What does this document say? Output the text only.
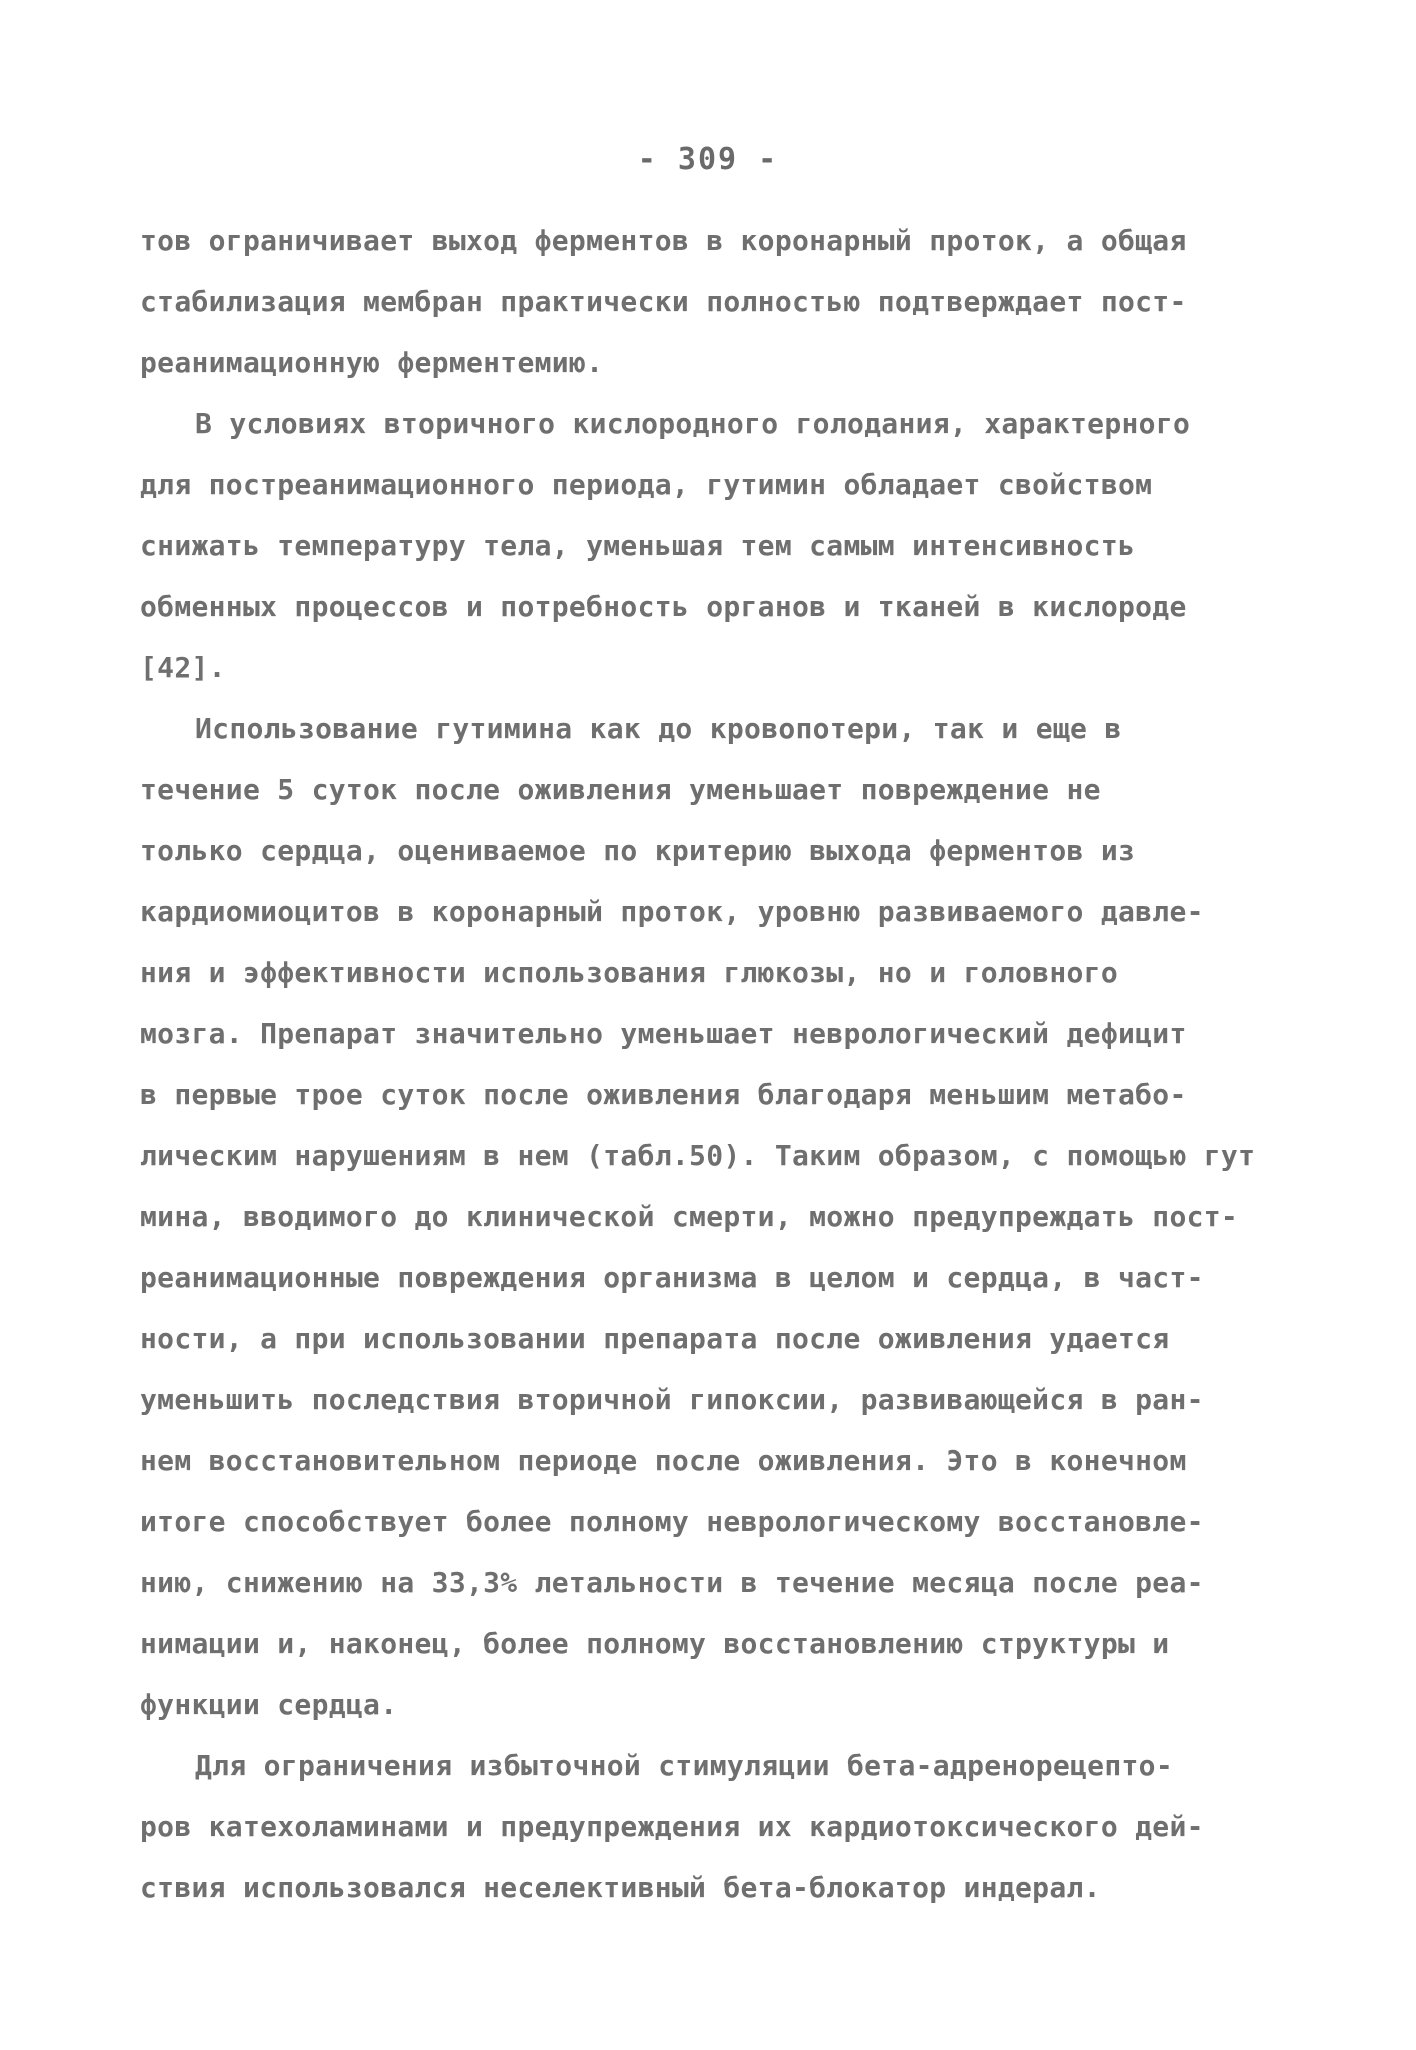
- 309 -
тов ограничивает выход ферментов в коронарный проток, а общая
стабилизация мембран практически полностью подтверждает пост-
реанимационную ферментемию.
В условиях вторичного кислородного голодания, характерного
для постреанимационного периода, гутимин обладает свойством
снижать температуру тела, уменьшая тем самым интенсивность
обменных процессов и потребность органов и тканей в кислороде
[42].
Использование гутимина как до кровопотери, так и еще в
течение 5 суток после оживления уменьшает повреждение не
только сердца, оцениваемое по критерию выхода ферментов из
кардиомиоцитов в коронарный проток, уровню развиваемого давле-
ния и эффективности использования глюкозы, но и головного
мозга. Препарат значительно уменьшает неврологический дефицит
в первые трое суток после оживления благодаря меньшим метабо-
лическим нарушениям в нем (табл.50). Таким образом, с помощью гут
мина, вводимого до клинической смерти, можно предупреждать пост-
реанимационные повреждения организма в целом и сердца, в част-
ности, а при использовании препарата после оживления удается
уменьшить последствия вторичной гипоксии, развивающейся в ран-
нем восстановительном периоде после оживления. Это в конечном
итоге способствует более полному неврологическому восстановле-
нию, снижению на 33,3% летальности в течение месяца после реа-
нимации и, наконец, более полному восстановлению структуры и
функции сердца.
Для ограничения избыточной стимуляции бета-адренорецепто-
ров катехоламинами и предупреждения их кардиотоксического дей-
ствия использовался неселективный бета-блокатор индерал.
